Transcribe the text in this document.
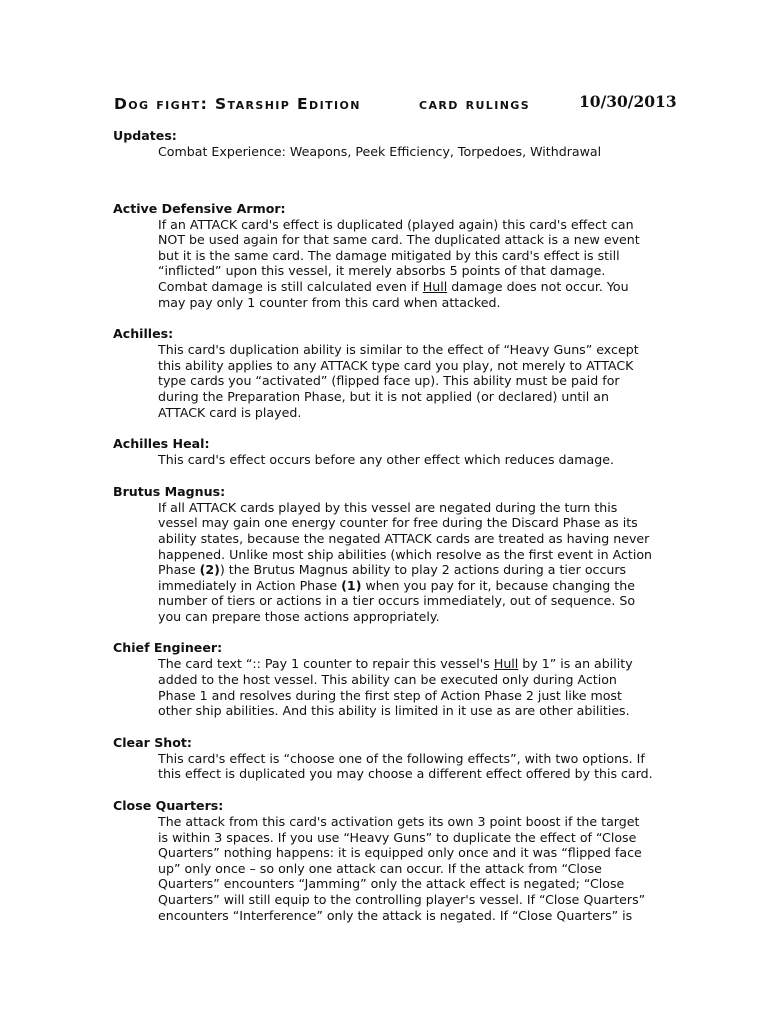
Dog fight: Starship Edition	card rulings	10/30/2013
Updates:
Combat Experience: Weapons, Peek Efficiency, Torpedoes, Withdrawal
Active Defensive Armor:
If an ATTACK card's effect is duplicated (played again) this card's effect can
NOT be used again for that same card. The duplicated attack is a new event
but it is the same card. The damage mitigated by this card's effect is still
“inflicted” upon this vessel, it merely absorbs 5 points of that damage.
Combat damage is still calculated even if Hull damage does not occur. You
may pay only 1 counter from this card when attacked.
Achilles:
This card's duplication ability is similar to the effect of “Heavy Guns” except
this ability applies to any ATTACK type card you play, not merely to ATTACK
type cards you “activated” (flipped face up). This ability must be paid for
during the Preparation Phase, but it is not applied (or declared) until an
ATTACK card is played.
Achilles Heal:
This card's effect occurs before any other effect which reduces damage.
Brutus Magnus:
If all ATTACK cards played by this vessel are negated during the turn this
vessel may gain one energy counter for free during the Discard Phase as its
ability states, because the negated ATTACK cards are treated as having never
happened. Unlike most ship abilities (which resolve as the first event in Action
Phase (2)) the Brutus Magnus ability to play 2 actions during a tier occurs
immediately in Action Phase (1) when you pay for it, because changing the
number of tiers or actions in a tier occurs immediately, out of sequence. So
you can prepare those actions appropriately.
Chief Engineer:
The card text “:: Pay 1 counter to repair this vessel's Hull by 1” is an ability
added to the host vessel. This ability can be executed only during Action
Phase 1 and resolves during the first step of Action Phase 2 just like most
other ship abilities. And this ability is limited in it use as are other abilities.
Clear Shot:
This card's effect is “choose one of the following effects”, with two options. If
this effect is duplicated you may choose a different effect offered by this card.
Close Quarters:
The attack from this card's activation gets its own 3 point boost if the target
is within 3 spaces. If you use “Heavy Guns” to duplicate the effect of “Close
Quarters” nothing happens: it is equipped only once and it was “flipped face
up” only once – so only one attack can occur. If the attack from “Close
Quarters” encounters “Jamming” only the attack effect is negated; “Close
Quarters” will still equip to the controlling player's vessel. If “Close Quarters”
encounters “Interference” only the attack is negated. If “Close Quarters” is
